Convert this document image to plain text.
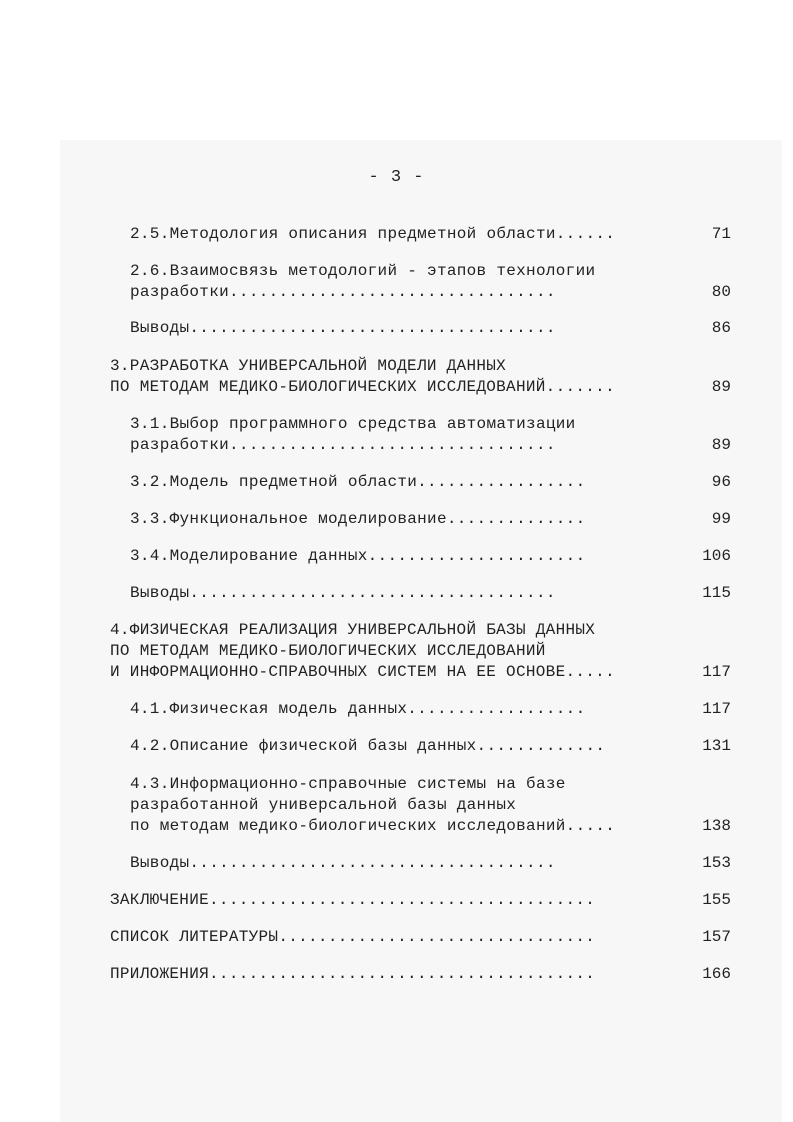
- 3 -
2.5.Методология описания предметной области......	71
2.6.Взаимосвязь методологий - этапов технологии
разработки.................................	80
Выводы.....................................	86
3.РАЗРАБОТКА УНИВЕРСАЛЬНОЙ МОДЕЛИ ДАННЫХ
ПО МЕТОДАМ МЕДИКО-БИОЛОГИЧЕСКИХ ИССЛЕДОВАНИЙ.......	89
3.1.Выбор программного средства автоматизации
разработки.................................	89
3.2.Модель предметной области.................	96
3.3.Функциональное моделирование..............	99
3.4.Моделирование данных......................	106
Выводы.....................................	115
4.ФИЗИЧЕСКАЯ РЕАЛИЗАЦИЯ УНИВЕРСАЛЬНОЙ БАЗЫ ДАННЫХ
ПО МЕТОДАМ МЕДИКО-БИОЛОГИЧЕСКИХ ИССЛЕДОВАНИЙ
И ИНФОРМАЦИОННО-СПРАВОЧНЫХ СИСТЕМ НА ЕЕ ОСНОВЕ.....	117
4.1.Физическая модель данных..................	117
4.2.Описание физической базы данных.............	131
4.3.Информационно-справочные системы на базе
разработанной универсальной базы данных
по методам медико-биологических исследований.....	138
Выводы.....................................	153
ЗАКЛЮЧЕНИЕ.......................................	155
СПИСОК ЛИТЕРАТУРЫ................................	157
ПРИЛОЖЕНИЯ.......................................	166
